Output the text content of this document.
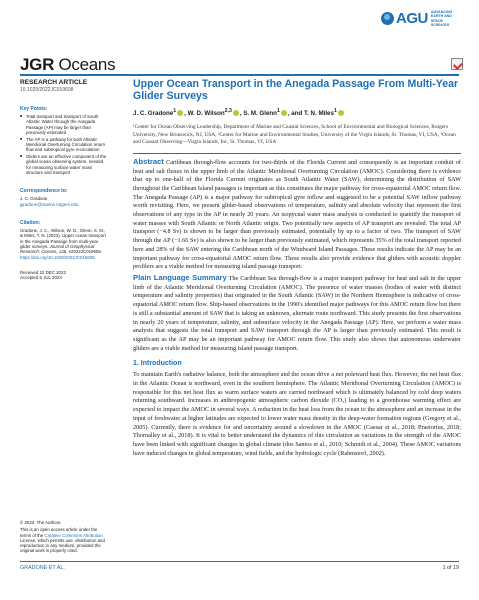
AGU ADVANCING EARTH AND SPACE SCIENCES
JGR Oceans
RESEARCH ARTICLE
10.1029/2022JC019608
Key Points:
■ Total transport and transport of South Atlantic Water through the Anegada Passage (AP) may be larger than previously estimated
■ The AP is a pathway for both Atlantic Meridional Overturning Circulation return flow and subtropical gyre recirculation
■ Gliders are an effective component of the global ocean observing system, needed for measuring surface water mass structure and transport
Correspondence to:

J. C. Gradone,

jgradone@marine.rutgers.edu

Citation:

Gradone, J. C., Wilson, W. D., Glenn, S. M., & Miles, T. N. (2023). Upper ocean transport in the Anegada Passage from multi-year glider surveys. Journal of Geophysical Research: Oceans, 128, e2022JC019608. https://doi.org/10.1029/2022JC019608

Received 22 DEC 2022

Accepted 6 JUL 2023

© 2023. The Authors.

This is an open access article under the terms of the Creative Commons Attribution License, which permits use, distribution and reproduction in any medium, provided the original work is properly cited.

Upper Ocean Transport in the Anegada Passage From Multi-Year Glider Surveys
J. C. Gradone$^1$ , W. D. Wilson$^{2,3}$ , S. M. Glenn$^1$ , and T. N. Miles$^1$
¹Center for Ocean Observing Leadership, Department of Marine and Coastal Sciences, School of Environmental and Biological Sciences, Rutgers University, New Brunswick, NJ, USA, ²Center for Marine and Environmental Studies, University of the Virgin Islands, St. Thomas, VI, USA, ³Ocean and Coastal Observing—Virgin Islands, Inc, St. Thomas, VI, USA

Abstract Caribbean through-flow accounts for two-thirds of the Florida Current and consequently is an important conduit of heat and salt fluxes in the upper limb of the Atlantic Meridional Overturning Circulation (AMOC). Considering there is evidence that up to one-half of the Florida Current originates as South Atlantic Water (SAW), determining the distribution of SAW throughout the Caribbean Island passages is important as this constitutes the major pathway for cross-equatorial AMOC return flow. The Anegada Passage (AP) is a major pathway for subtropical gyre inflow and suggested to be a potential SAW inflow pathway worth revisiting. Here, we present glider-based observations of temperature, salinity and absolute velocity that represent the first observations of any type in the AP in nearly 20 years. An isopycnal water mass analysis is conducted to quantify the transport of water masses with South Atlantic or North Atlantic origin. Two potentially new aspects of AP transport are revealed. The total AP transport (−4.8 Sv) is shown to be larger than previously estimated, potentially by up to a factor of two. The transport of SAW through the AP (−1.66 Sv) is also shown to be larger than previously estimated, which represents 35% of the total transport reported here and 28% of the SAW entering the Caribbean north of the Windward Island Passages. These results indicate the AP may be an important pathway for cross-equatorial AMOC return flow. These results also provide evidence that gliders with acoustic doppler profilers are a viable method for measuring island passage transport.

Plain Language Summary The Caribbean Sea through-flow is a major transport pathway for heat and salt in the upper limb of the Atlantic Meridional Overturning Circulation (AMOC). The presence of water masses (bodies of water with distinct temperature and salinity properties) that originated in the South Atlantic (SAW) in the Northern Hemisphere is indicative of cross-equatorial AMOC return flow. Ship-based observations in the 1990's identified major pathways for this AMOC return flow but there is still a substantial amount of SAW that is taking an unknown, alternate route northward. This study presents the first observations in nearly 20 years of temperature, salinity, and subsurface velocity in the Anegada Passage (AP). Here, we perform a water mass analysis that suggests the total transport and SAW transport through the AP is larger than previously estimated. This result is significant as the AP may be an important pathway for AMOC return flow. This study also shows that autonomous underwater gliders are a viable method for measuring island passage transport.

1. Introduction

To maintain Earth's radiative balance, both the atmosphere and the ocean drive a net poleward heat flux. However, the net heat flux in the Atlantic Ocean is northward, even in the southern hemisphere. The Atlantic Meridional Overturning Circulation (AMOC) is responsible for this net heat flux as warm surface waters are carried northward which is ultimately balanced by cold deep waters returning southward. Increases in anthropogenic atmospheric carbon dioxide (CO₂) leading to a greenhouse warming effect are expected to impact the AMOC in several ways. A reduction in the heat loss from the ocean to the atmosphere and an increase in the input of freshwater at higher latitudes are expected to lower water mass density in the deep-water formation regions (Gregory et al., 2005). Currently, there is evidence for and uncertainty around a slowdown in the AMOC (Caesar et al., 2018; Praetorius, 2018; Thornalley et al., 2018). It is vital to better understand the dynamics of this circulation as variations in the strength of the AMOC have been linked with significant changes in global climate (dos Santos et al., 2010; Schmidt et al., 2004). These AMOC variations have induced changes in global temperature, wind fields, and the hydrologic cycle (Rahmstorf, 2002).

GRADONE ET AL.	1 of 19
